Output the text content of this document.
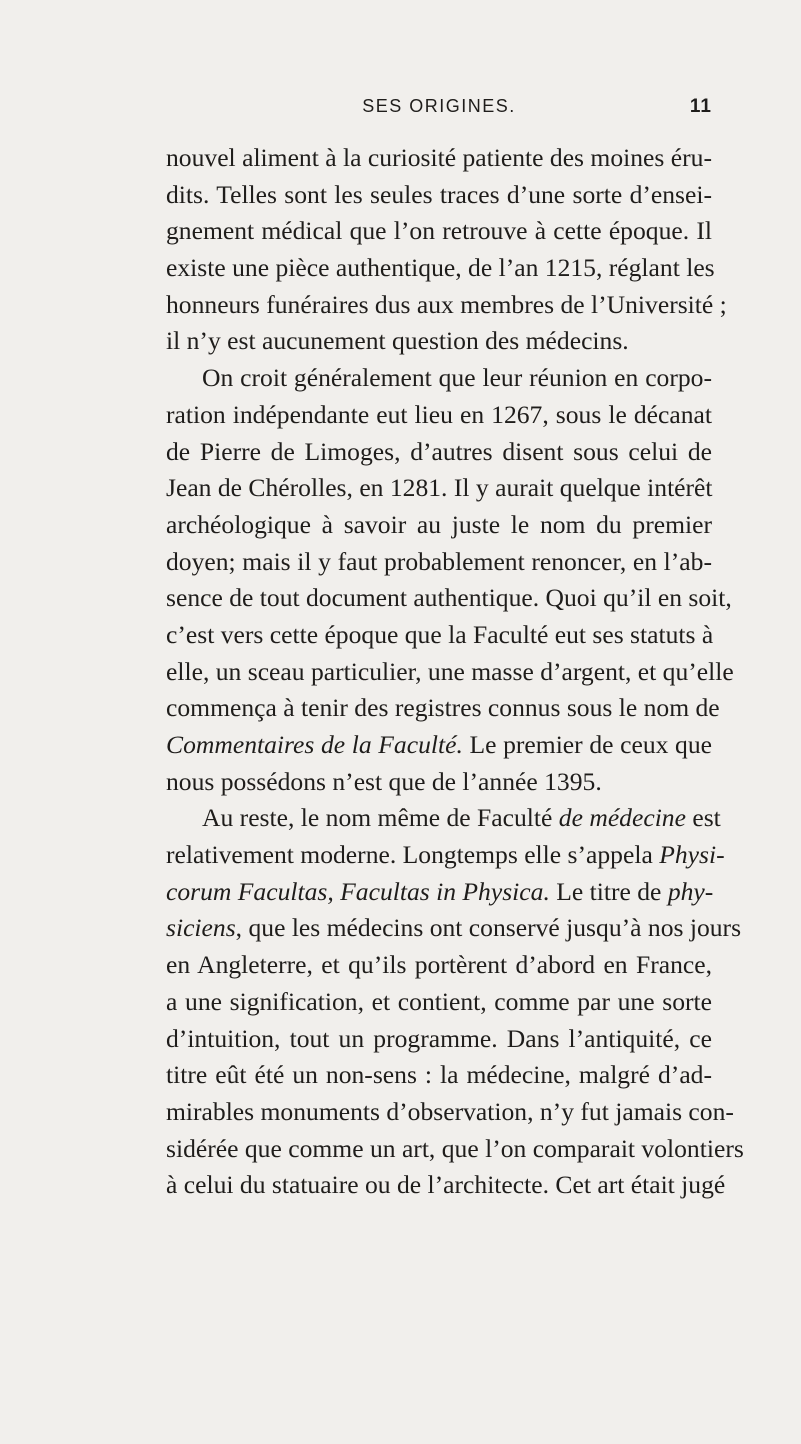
SES ORIGINES.	11
nouvel aliment à la curiosité patiente des moines éru-
dits. Telles sont les seules traces d’une sorte d’ensei-
gnement médical que l’on retrouve à cette époque. Il
existe une pièce authentique, de l’an 1215, réglant les
honneurs funéraires dus aux membres de l’Université ;
il n’y est aucunement question des médecins.
On croit généralement que leur réunion en corpo-
ration indépendante eut lieu en 1267, sous le décanat
de Pierre de Limoges, d’autres disent sous celui de
Jean de Chérolles, en 1281. Il y aurait quelque intérêt
archéologique à savoir au juste le nom du premier
doyen; mais il y faut probablement renoncer, en l’ab-
sence de tout document authentique. Quoi qu’il en soit,
c’est vers cette époque que la Faculté eut ses statuts à
elle, un sceau particulier, une masse d’argent, et qu’elle
commença à tenir des registres connus sous le nom de
Commentaires de la Faculté. Le premier de ceux que
nous possédons n’est que de l’année 1395.
Au reste, le nom même de Faculté de médecine est
relativement moderne. Longtemps elle s’appela Physi-
corum Facultas, Facultas in Physica. Le titre de phy-
siciens, que les médecins ont conservé jusqu’à nos jours
en Angleterre, et qu’ils portèrent d’abord en France,
a une signification, et contient, comme par une sorte
d’intuition, tout un programme. Dans l’antiquité, ce
titre eût été un non-sens : la médecine, malgré d’ad-
mirables monuments d’observation, n’y fut jamais con-
sidérée que comme un art, que l’on comparait volontiers
à celui du statuaire ou de l’architecte. Cet art était jugé
